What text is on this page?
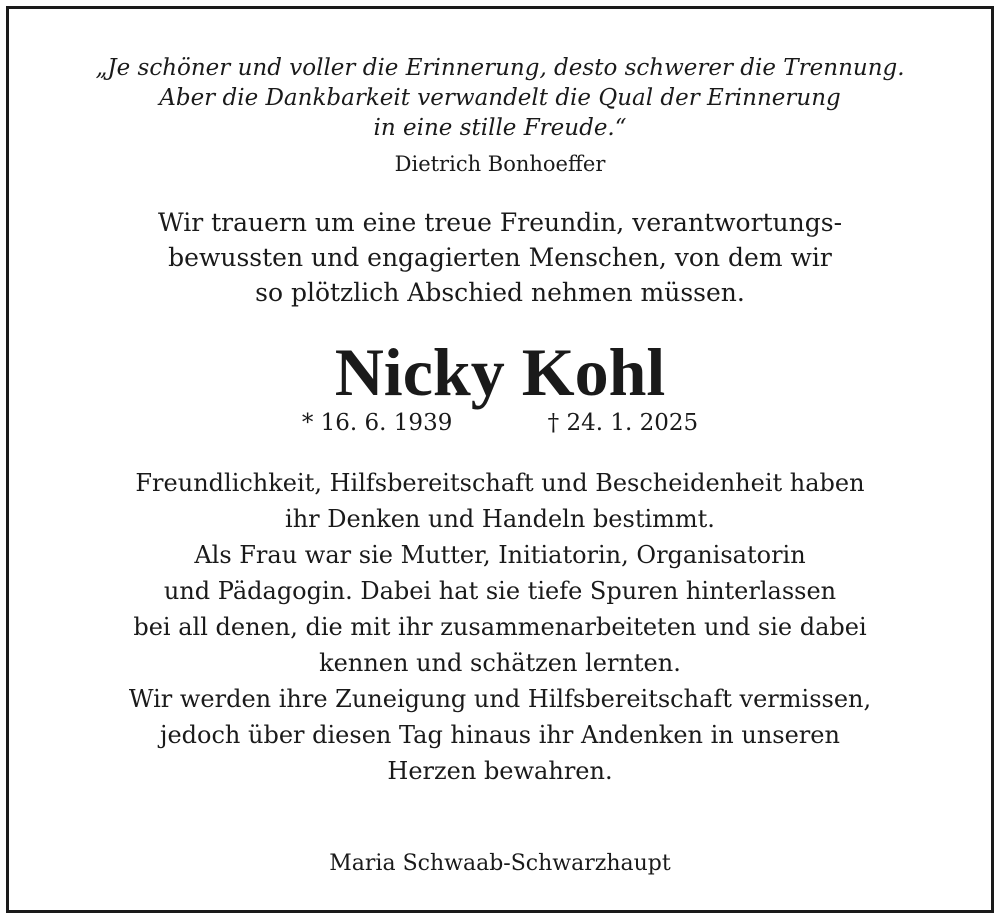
„Je schöner und voller die Erinnerung, desto schwerer die Trennung.
Aber die Dankbarkeit verwandelt die Qual der Erinnerung
in eine stille Freude.“
Dietrich Bonhoeffer
Wir trauern um eine treue Freundin, verantwortungs-
bewussten und engagierten Menschen, von dem wir
so plötzlich Abschied nehmen müssen.
Nicky Kohl
* 16. 6. 1939	† 24. 1. 2025
Freundlichkeit, Hilfsbereitschaft und Bescheidenheit haben
ihr Denken und Handeln bestimmt.
Als Frau war sie Mutter, Initiatorin, Organisatorin
und Pädagogin. Dabei hat sie tiefe Spuren hinterlassen
bei all denen, die mit ihr zusammenarbeiteten und sie dabei
kennen und schätzen lernten.
Wir werden ihre Zuneigung und Hilfsbereitschaft vermissen,
jedoch über diesen Tag hinaus ihr Andenken in unseren
Herzen bewahren.
Maria Schwaab-Schwarzhaupt
